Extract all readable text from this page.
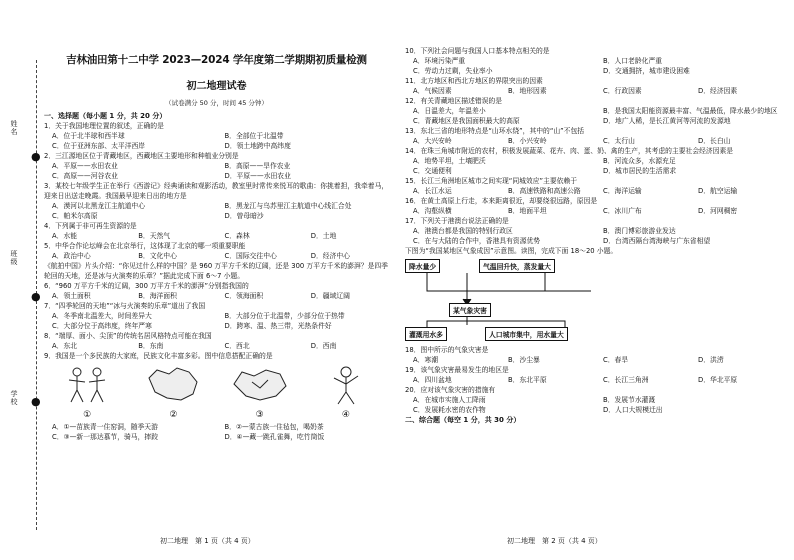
姓名
班级
学校
●
●
●
吉林油田第十二中学 2023—2024 学年度第二学期期初质量检测
初二地理试卷
（试卷满分 50 分，时间 45 分钟）
一、选择题（每小题 1 分，共 20 分）
1．关于我国地理位置的叙述，正确的是
A．位于北半球和西半球	B．全部位于北温带
C．位于亚洲东部、太平洋西岸	D．领土地跨中高纬度
2．三江源地区位于青藏地区，西藏地区主要地形和种植业分别是
A．平原——水田农业	B．高原——旱作农业
C．高原——河谷农业	D．平原——水田农业
3．某校七年级学生正在举行《西游记》经典诵读和观影活动，教室里时常传来悦耳的歌曲：你挑着担，我牵着马，迎来日出送走晚霞。我国最早迎来日出的地方是
A．漠河以北黑龙江主航道中心	B．黑龙江与乌苏里江主航道中心线汇合处
C．帕米尔高原	D．曾母暗沙
4．下列属于非可再生资源的是
A．水能	B．天然气	C．森林	D．土地
5．中华合作论坛峰会在北京举行，这体现了北京的哪一项重要职能
A．政治中心	B．文化中心	C．国际交往中心	D．经济中心
《航拍中国》片头介绍：“你见过什么样的中国？是 960 万平方千米的辽阔，还是 300 万平方千米的澎湃？是四季轮回的天地，还是冰与火演奏的乐章？”据此完成下面 6～7 小题。
6．“960 万平方千米的辽阔，300 万平方千米的澎湃”分别指我国的
A．领土面积	B．海洋面积	C．领海面积	D．疆域辽阔
7．“四季轮回的天地”“冰与火演奏的乐章”道出了我国
A．冬季南北温差大，时间差异大	B．大部分位于北温带，少部分位于热带
C．大部分位于高纬度，终年严寒	D．跨寒、温、热三带，光热条件好
8．“端厚、面小、尖顶”的传统名居风格特点可能在我国
A．东北	B．东南	C．西北	D．西南
9．我国是一个多民族的大家庭，民族文化丰富多彩。图中信息搭配正确的是
①	②	③	④
A．①—苗族青一住窑洞，随季天游	B．②—蒙古族一住毡包，喝奶茶
C．③—新一那达慕节，骑马，摔跤	D．④—藏一跳孔雀舞，吃竹筒饭
初二地理　第 1 页（共 4 页）
10．下列社会问题与我国人口基本特点相关的是
A．环境污染严重	B．人口老龄化严重
C．劳动力过剩，失业率小	D．交通拥挤，城市建设困难
11．北方地区和西北方地区的界限突出的因素
A．气候因素	B．地形因素	C．行政因素	D．经济因素
12．有关青藏地区描述错误的是
A．日温差大，年温差小	B．是我国太阳能资源最丰富、气温最低，降水最少的地区
C．青藏地区是我国面积最大的高原	D．地广人稀，是长江黄河等河流的发源地
13．东北三省的地形特点是“山环水绕”，其中的“山”不包括
A．大兴安岭	B．小兴安岭	C．太行山	D．长白山
14．在珠三角城市附近的农村，积极发展蔬菜、花卉、肉、蛋、奶、禽的生产，其考虑的主要社会经济因素是
A．地势平坦，土壤肥沃	B．河流众多，水源充足
C．交通便利	D．城市居民的生活需求
15．长江三角洲地区城市之间实现“同城效应”主要依赖于
A．长江水运	B．高速铁路和高速公路	C．海洋运输	D．航空运输
16．在黄土高原上行走，本来距离很近，却要绕很远路，原因是
A．沟壑纵横	B．地面平坦	C．冰川广布	D．河网稠密
17．下列关于港澳台说法正确的是
A．港澳台都是我国的特别行政区	B．澳门博彩旅游业发达
C．在与大陆的合作中，香港具有资源优势	D．台湾西隔台湾海峡与广东省相望
下图为“我国某地区气象成因”示意图。读图，完成下面 18～20 小题。
降水量少	气温回升快，蒸发量大
某气象灾害
灌溉用水多	人口城市集中，用水量大
18．图中所示的气象灾害是
A．寒潮	B．沙尘暴	C．春旱	D．洪涝
19．该气象灾害最易发生的地区是
A．四川盆地	B．东北平原	C．长江三角洲	D．华北平原
20．应对该气象灾害的措施有
A．在城市实施人工降雨	B．发展节水灌溉
C．发展耗水密的农作物	D．人口大规模迁出
二、综合题（每空 1 分，共 30 分）
初二地理　第 2 页（共 4 页）
